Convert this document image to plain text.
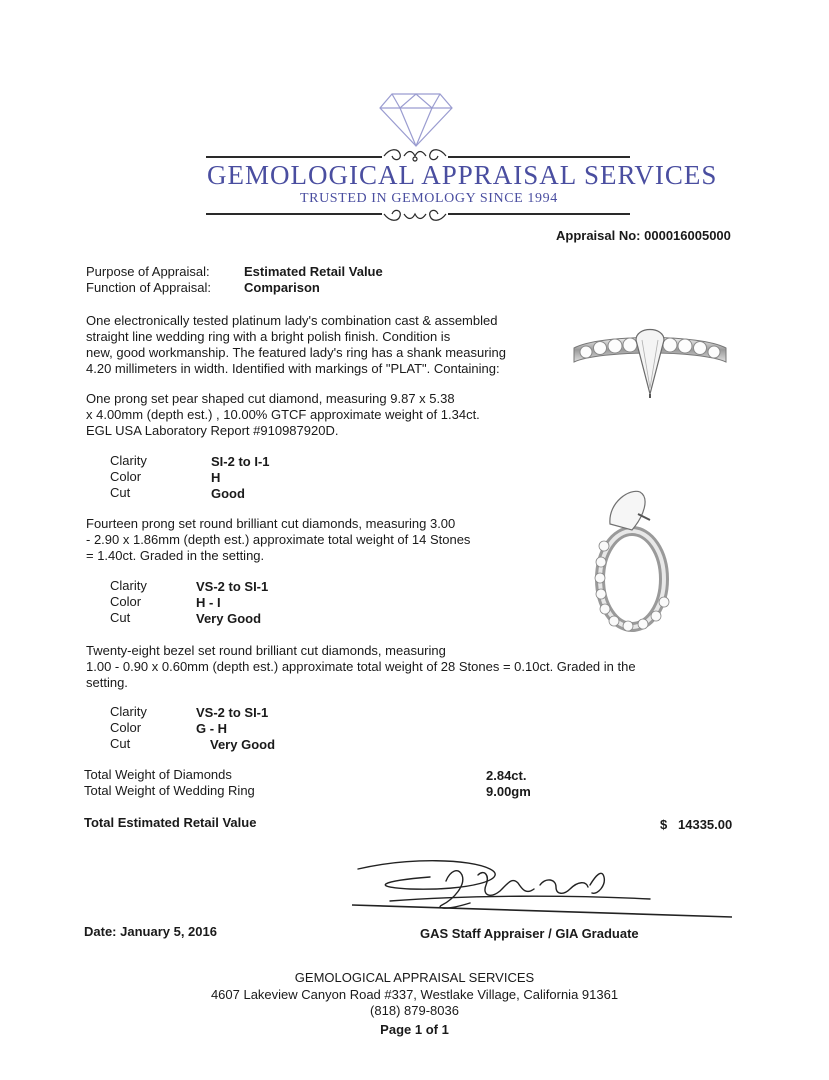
GEMOLOGICAL APPRAISAL SERVICES
TRUSTED IN GEMOLOGY SINCE 1994
Appraisal No: 000016005000
Purpose of Appraisal:	Estimated Retail Value
Function of Appraisal:	Comparison
One electronically tested platinum lady's combination cast & assembled
straight line wedding ring with a bright polish finish. Condition is
new, good workmanship. The featured lady's ring has a shank measuring
4.20 millimeters in width. Identified with markings of "PLAT". Containing:
One prong set pear shaped cut diamond, measuring 9.87 x 5.38
x 4.00mm (depth est.) , 10.00% GTCF approximate weight of 1.34ct.
EGL USA Laboratory Report #910987920D.
Clarity	SI-2 to I-1
Color	H
Cut	Good
Fourteen prong set round brilliant cut diamonds, measuring 3.00
- 2.90 x 1.86mm (depth est.) approximate total weight of 14 Stones
= 1.40ct. Graded in the setting.
Clarity	VS-2 to SI-1
Color	H - I
Cut	Very Good
Twenty-eight bezel set round brilliant cut diamonds, measuring
1.00 - 0.90 x 0.60mm (depth est.) approximate total weight of 28 Stones = 0.10ct. Graded in the
setting.
Clarity	VS-2 to SI-1
Color	G - H
Cut	Very Good
Total Weight of Diamonds	2.84ct.
Total Weight of Wedding Ring	9.00gm
Total Estimated Retail Value	$ 14335.00
Date: January 5, 2016	GAS Staff Appraiser / GIA Graduate
GEMOLOGICAL APPRAISAL SERVICES
4607 Lakeview Canyon Road #337, Westlake Village, California 91361
(818) 879-8036
Page 1 of 1
